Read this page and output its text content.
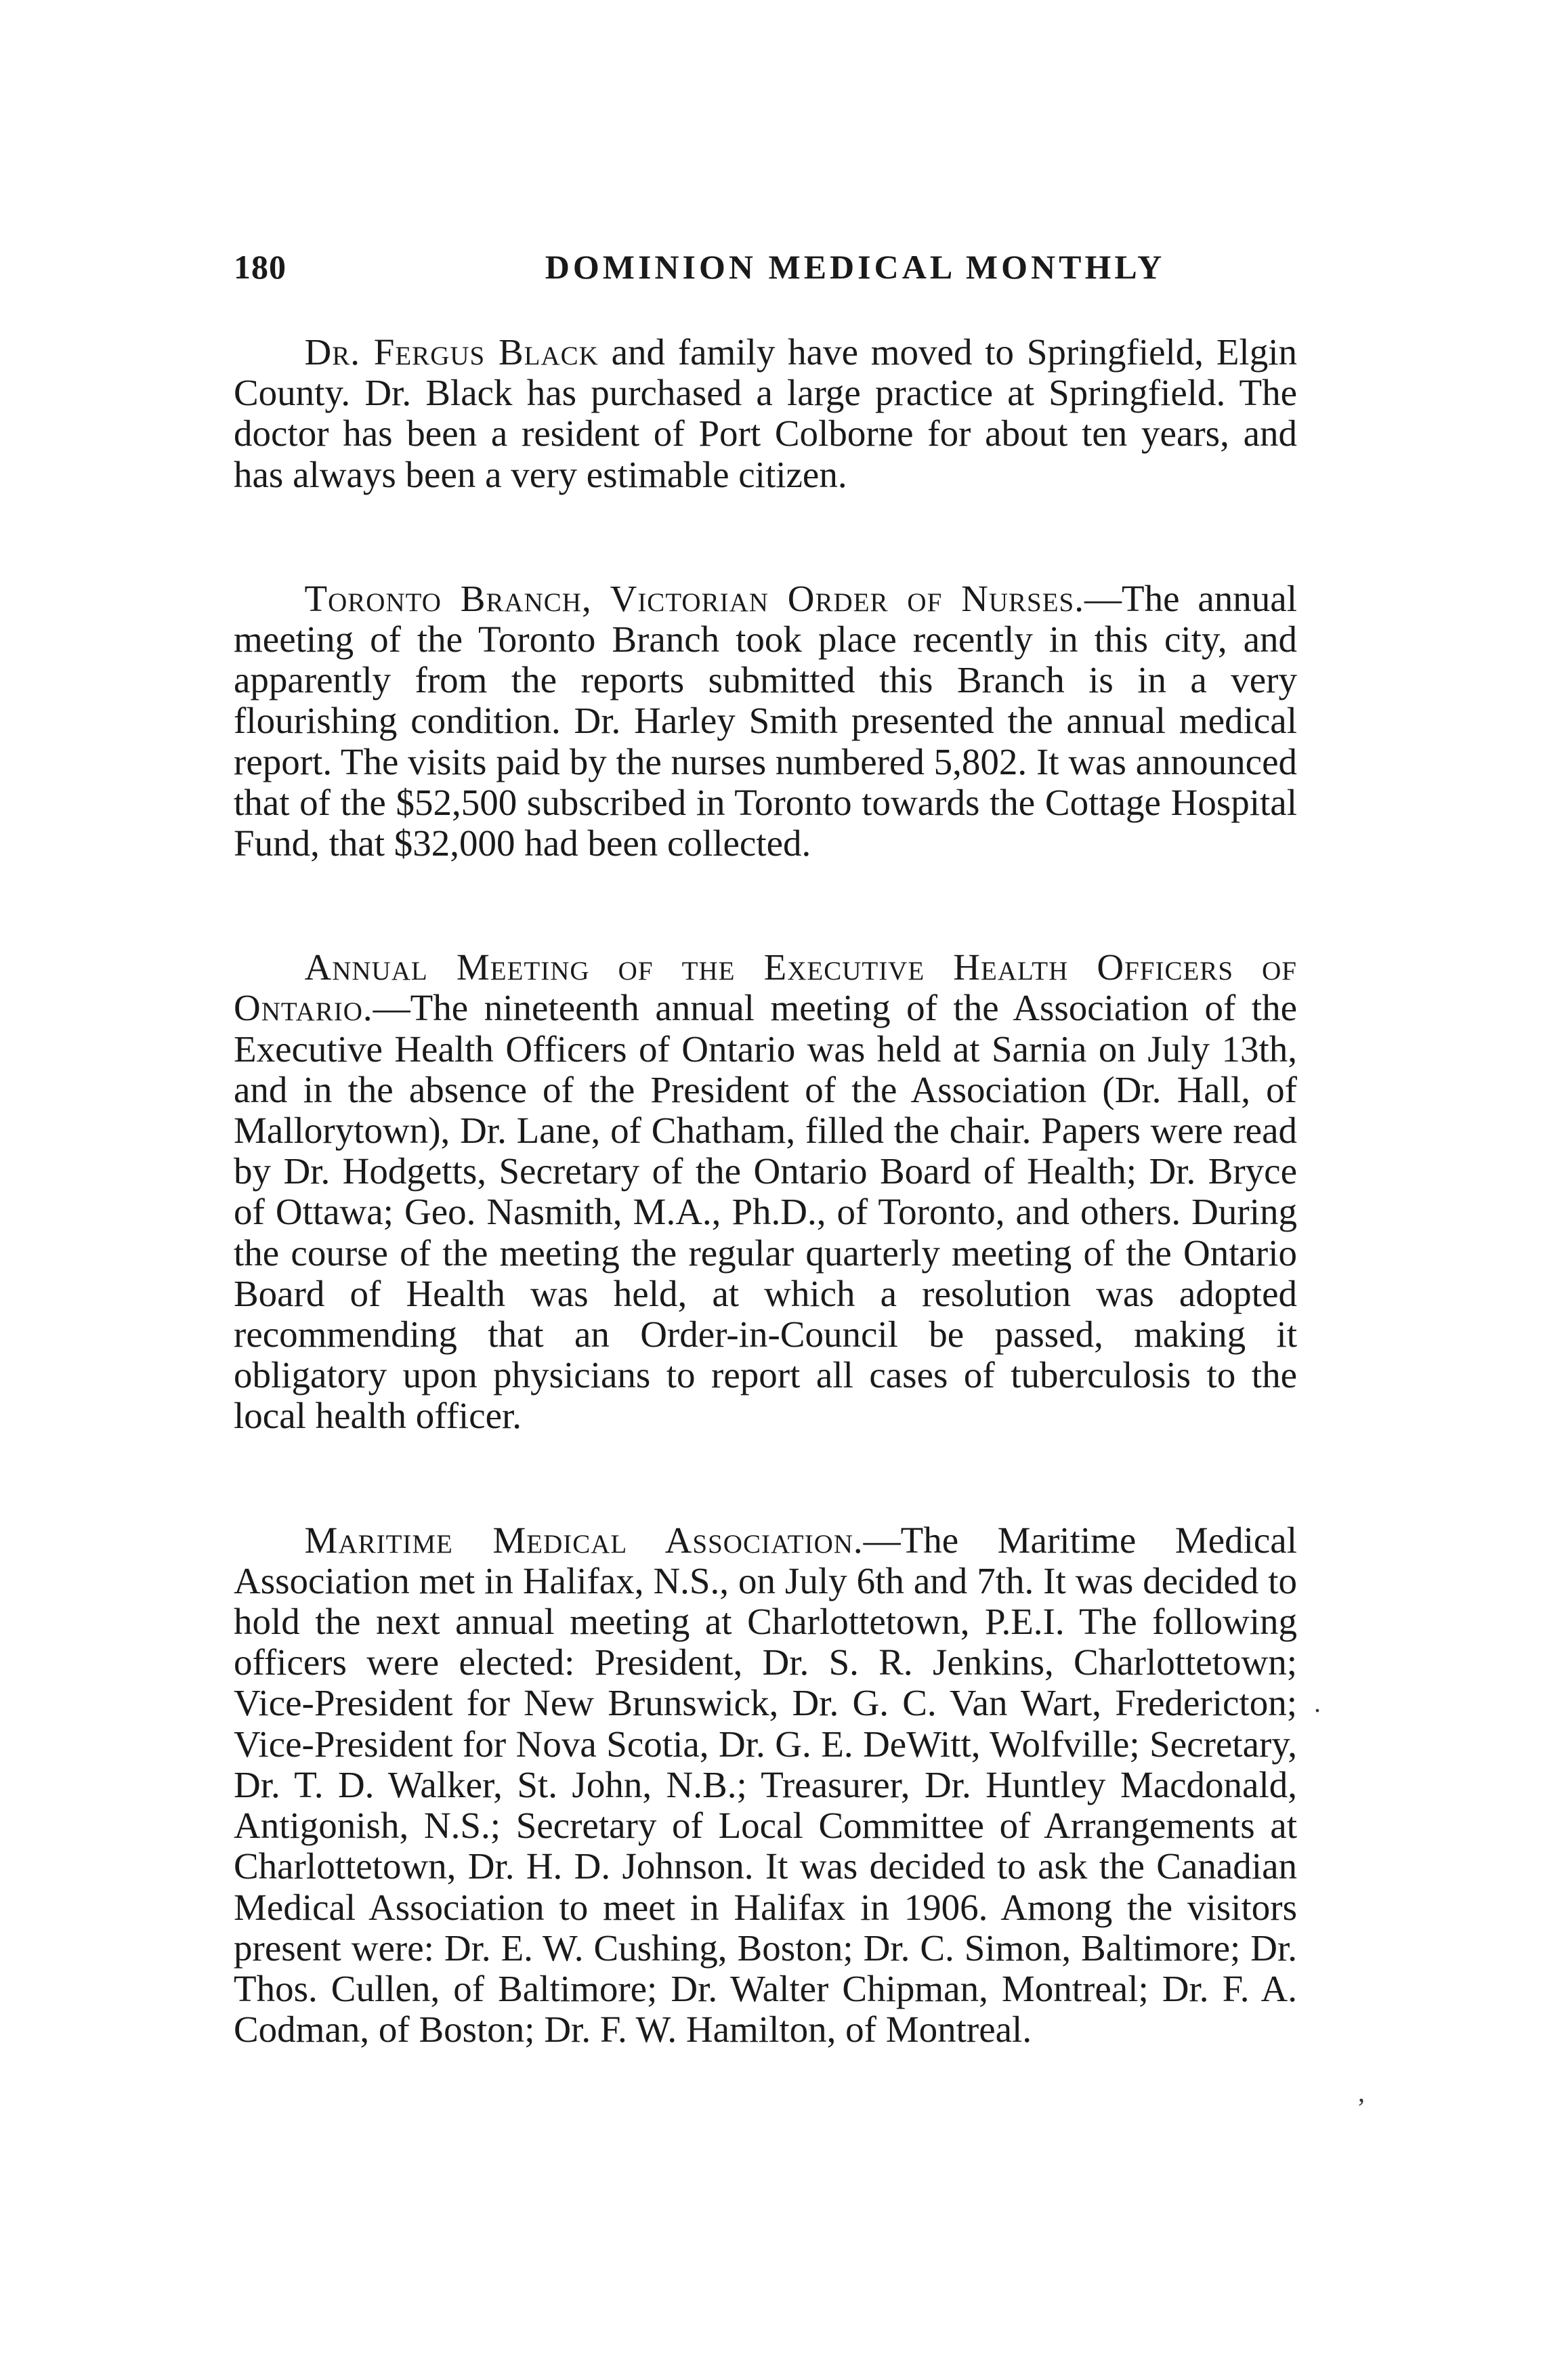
180	DOMINION MEDICAL MONTHLY

Dr. Fergus Black and family have moved to Springfield, Elgin County. Dr. Black has purchased a large practice at Springfield. The doctor has been a resident of Port Colborne for about ten years, and has always been a very estimable citizen.

Toronto Branch, Victorian Order of Nurses.—The annual meeting of the Toronto Branch took place recently in this city, and apparently from the reports submitted this Branch is in a very flourishing condition. Dr. Harley Smith presented the annual medical report. The visits paid by the nurses numbered 5,802. It was announced that of the $52,500 subscribed in Toronto towards the Cottage Hospital Fund, that $32,000 had been collected.

Annual Meeting of the Executive Health Officers of Ontario.—The nineteenth annual meeting of the Association of the Executive Health Officers of Ontario was held at Sarnia on July 13th, and in the absence of the President of the Association (Dr. Hall, of Mallorytown), Dr. Lane, of Chatham, filled the chair. Papers were read by Dr. Hodgetts, Secretary of the Ontario Board of Health; Dr. Bryce of Ottawa; Geo. Nasmith, M.A., Ph.D., of Toronto, and others. During the course of the meeting the regular quarterly meeting of the Ontario Board of Health was held, at which a resolution was adopted recommending that an Order-in-Council be passed, making it obligatory upon physicians to report all cases of tuberculosis to the local health officer.

Maritime Medical Association.—The Maritime Medical Association met in Halifax, N.S., on July 6th and 7th. It was decided to hold the next annual meeting at Charlottetown, P.E.I. The following officers were elected: President, Dr. S. R. Jenkins, Charlottetown; Vice-President for New Brunswick, Dr. G. C. Van Wart, Fredericton; Vice-President for Nova Scotia, Dr. G. E. DeWitt, Wolfville; Secretary, Dr. T. D. Walker, St. John, N.B.; Treasurer, Dr. Huntley Macdonald, Antigonish, N.S.; Secretary of Local Committee of Arrangements at Charlottetown, Dr. H. D. Johnson. It was decided to ask the Canadian Medical Association to meet in Halifax in 1906. Among the visitors present were: Dr. E. W. Cushing, Boston; Dr. C. Simon, Baltimore; Dr. Thos. Cullen, of Baltimore; Dr. Walter Chipman, Montreal; Dr. F. A. Codman, of Boston; Dr. F. W. Hamilton, of Montreal.

.
,
